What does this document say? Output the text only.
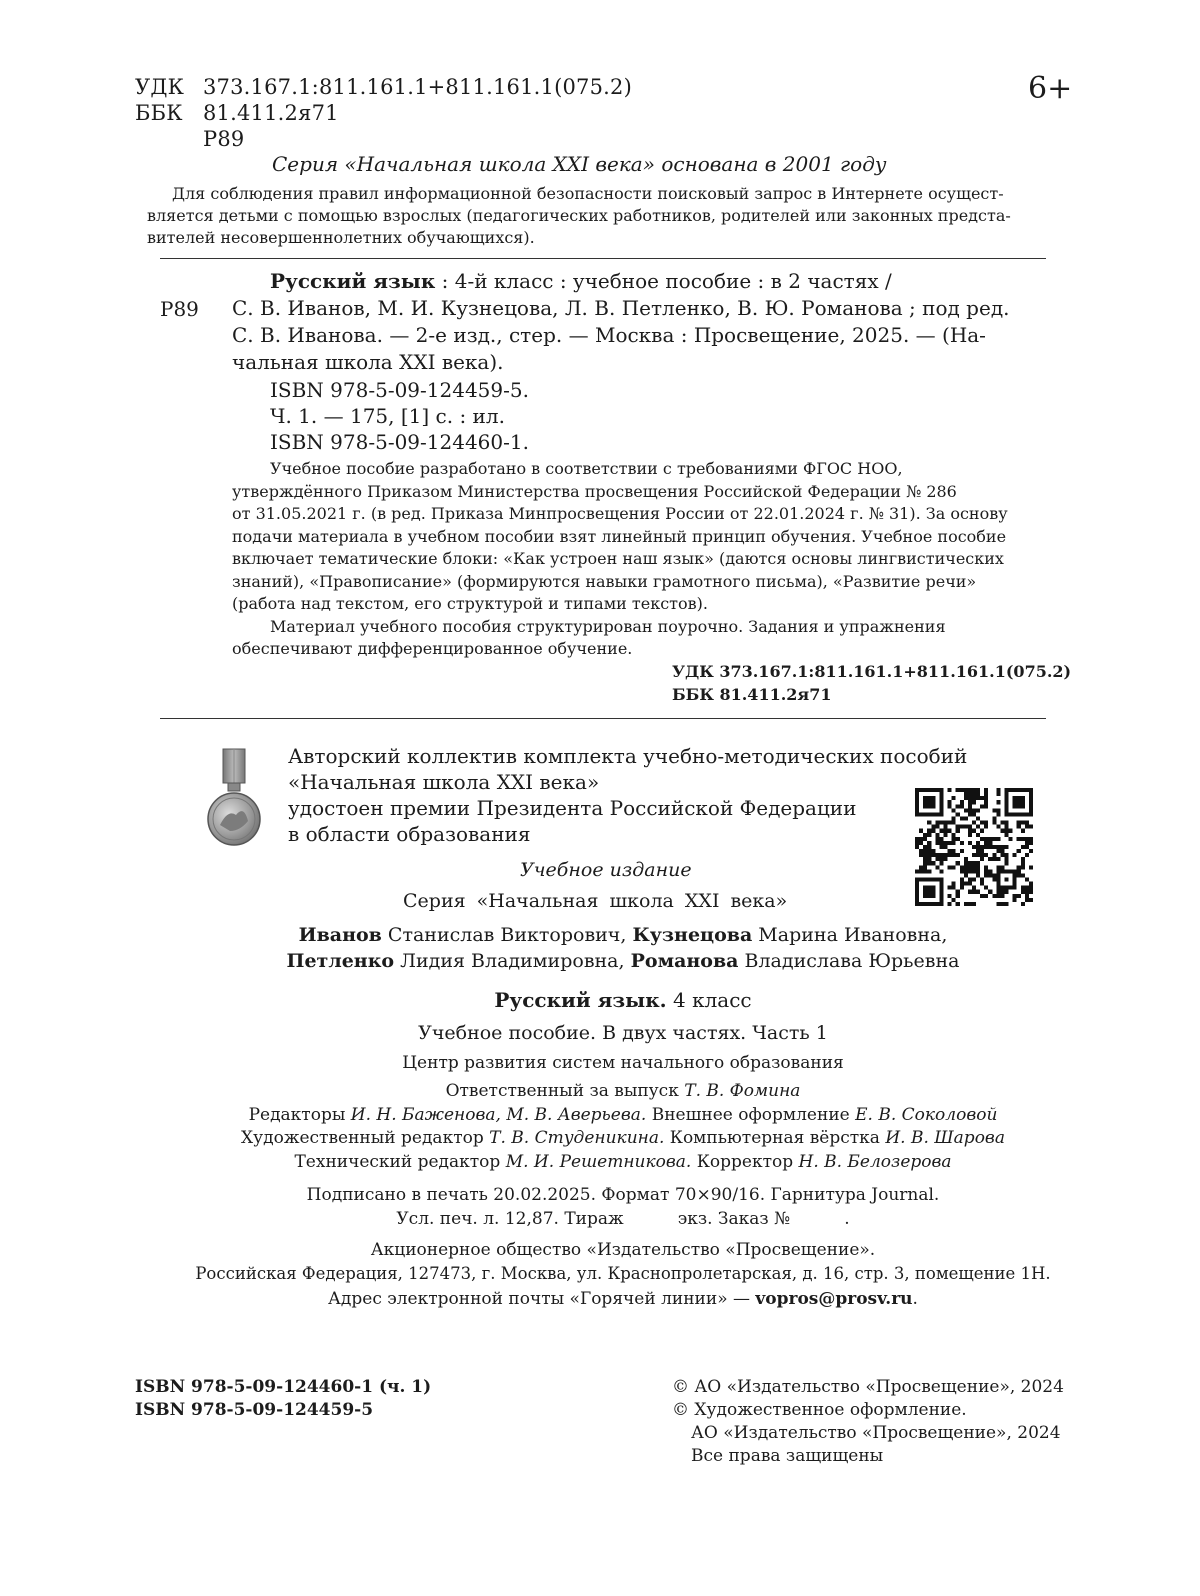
УДК 373.167.1:811.161.1+811.161.1(075.2)
ББК 81.411.2я71
Р89
6+
Серия «Начальная школа XXI века» основана в 2001 году
Для соблюдения правил информационной безопасности поисковый запрос в Интернете осущест-
вляется детьми с помощью взрослых (педагогических работников, родителей или законных предста-
вителей несовершеннолетних обучающихся).
Р89
Русский язык : 4-й класс : учебное пособие : в 2 частях /
С. В. Иванов, М. И. Кузнецова, Л. В. Петленко, В. Ю. Романова ; под ред.
С. В. Иванова. — 2-е изд., стер. — Москва : Просвещение, 2025. — (На-
чальная школа XXI века).
ISBN 978-5-09-124459-5.
Ч. 1. — 175, [1] с. : ил.
ISBN 978-5-09-124460-1.
Учебное пособие разработано в соответствии с требованиями ФГОС НОО,
утверждённого Приказом Министерства просвещения Российской Федерации № 286
от 31.05.2021 г. (в ред. Приказа Минпросвещения России от 22.01.2024 г. № 31). За основу
подачи материала в учебном пособии взят линейный принцип обучения. Учебное пособие
включает тематические блоки: «Как устроен наш язык» (даются основы лингвистических
знаний), «Правописание» (формируются навыки грамотного письма), «Развитие речи»
(работа над текстом, его структурой и типами текстов).
Материал учебного пособия структурирован поурочно. Задания и упражнения
обеспечивают дифференцированное обучение.
УДК 373.167.1:811.161.1+811.161.1(075.2)
ББК 81.411.2я71
Авторский коллектив комплекта учебно-методических пособий
«Начальная школа XXI века»
удостоен премии Президента Российской Федерации
в области образования
Учебное издание
Серия «Начальная школа XXI века»
Иванов Станислав Викторович, Кузнецова Марина Ивановна,
Петленко Лидия Владимировна, Романова Владислава Юрьевна
Русский язык. 4 класс
Учебное пособие. В двух частях. Часть 1
Центр развития систем начального образования
Ответственный за выпуск Т. В. Фомина
Редакторы И. Н. Баженова, М. В. Аверьева. Внешнее оформление Е. В. Соколовой
Художественный редактор Т. В. Студеникина. Компьютерная вёрстка И. В. Шарова
Технический редактор М. И. Решетникова. Корректор Н. В. Белозерова
Подписано в печать 20.02.2025. Формат 70×90/16. Гарнитура Journal.
Усл. печ. л. 12,87. Тираж          экз. Заказ №          .
Акционерное общество «Издательство «Просвещение».
Российская Федерация, 127473, г. Москва, ул. Краснопролетарская, д. 16, стр. 3, помещение 1Н.
Адрес электронной почты «Горячей линии» — vopros@prosv.ru.
ISBN 978-5-09-124460-1 (ч. 1)
ISBN 978-5-09-124459-5
© АО «Издательство «Просвещение», 2024
© Художественное оформление.
АО «Издательство «Просвещение», 2024
Все права защищены
